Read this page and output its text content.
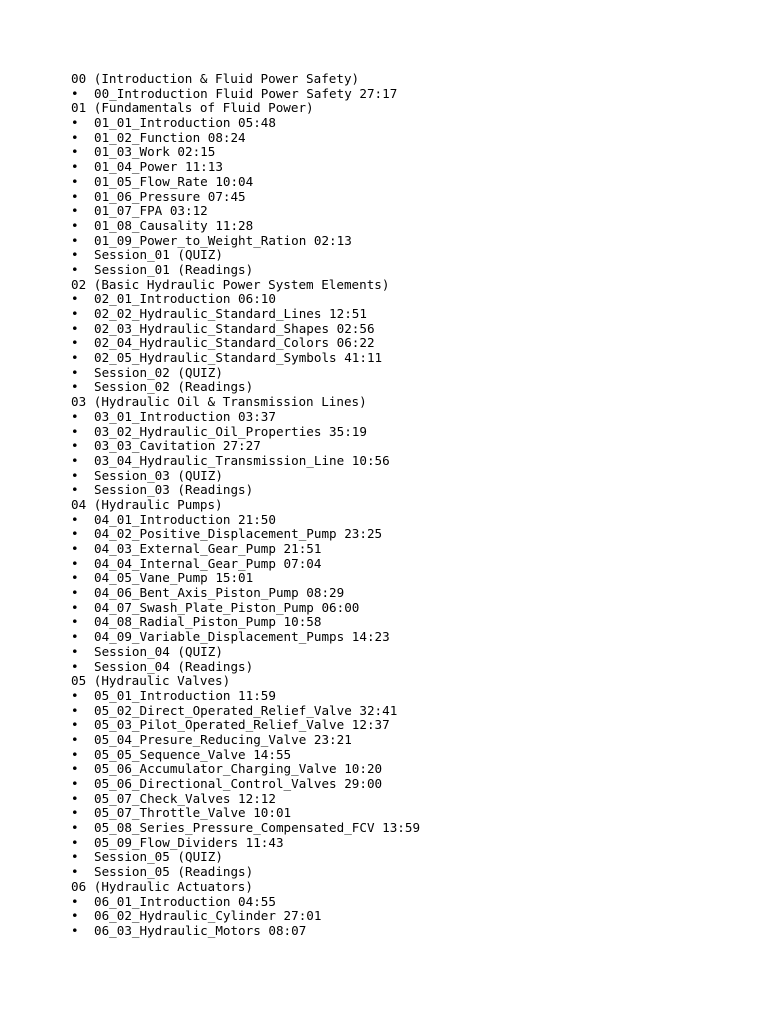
00 (Introduction & Fluid Power Safety)
• 00_Introduction Fluid Power Safety 27:17
01 (Fundamentals of Fluid Power)
• 01_01_Introduction 05:48
• 01_02_Function 08:24
• 01_03_Work 02:15
• 01_04_Power 11:13
• 01_05_Flow_Rate 10:04
• 01_06_Pressure 07:45
• 01_07_FPA 03:12
• 01_08_Causality 11:28
• 01_09_Power_to_Weight_Ration 02:13
• Session_01 (QUIZ)
• Session_01 (Readings)
02 (Basic Hydraulic Power System Elements)
• 02_01_Introduction 06:10
• 02_02_Hydraulic_Standard_Lines 12:51
• 02_03_Hydraulic_Standard_Shapes 02:56
• 02_04_Hydraulic_Standard_Colors 06:22
• 02_05_Hydraulic_Standard_Symbols 41:11
• Session_02 (QUIZ)
• Session_02 (Readings)
03 (Hydraulic Oil & Transmission Lines)
• 03_01_Introduction 03:37
• 03_02_Hydraulic_Oil_Properties 35:19
• 03_03_Cavitation 27:27
• 03_04_Hydraulic_Transmission_Line 10:56
• Session_03 (QUIZ)
• Session_03 (Readings)
04 (Hydraulic Pumps)
• 04_01_Introduction 21:50
• 04_02_Positive_Displacement_Pump 23:25
• 04_03_External_Gear_Pump 21:51
• 04_04_Internal_Gear_Pump 07:04
• 04_05_Vane_Pump 15:01
• 04_06_Bent_Axis_Piston_Pump 08:29
• 04_07_Swash_Plate_Piston_Pump 06:00
• 04_08_Radial_Piston_Pump 10:58
• 04_09_Variable_Displacement_Pumps 14:23
• Session_04 (QUIZ)
• Session_04 (Readings)
05 (Hydraulic Valves)
• 05_01_Introduction 11:59
• 05_02_Direct_Operated_Relief_Valve 32:41
• 05_03_Pilot_Operated_Relief_Valve 12:37
• 05_04_Presure_Reducing_Valve 23:21
• 05_05_Sequence_Valve 14:55
• 05_06_Accumulator_Charging_Valve 10:20
• 05_06_Directional_Control_Valves 29:00
• 05_07_Check_Valves 12:12
• 05_07_Throttle_Valve 10:01
• 05_08_Series_Pressure_Compensated_FCV 13:59
• 05_09_Flow_Dividers 11:43
• Session_05 (QUIZ)
• Session_05 (Readings)
06 (Hydraulic Actuators)
• 06_01_Introduction 04:55
• 06_02_Hydraulic_Cylinder 27:01
• 06_03_Hydraulic_Motors 08:07
